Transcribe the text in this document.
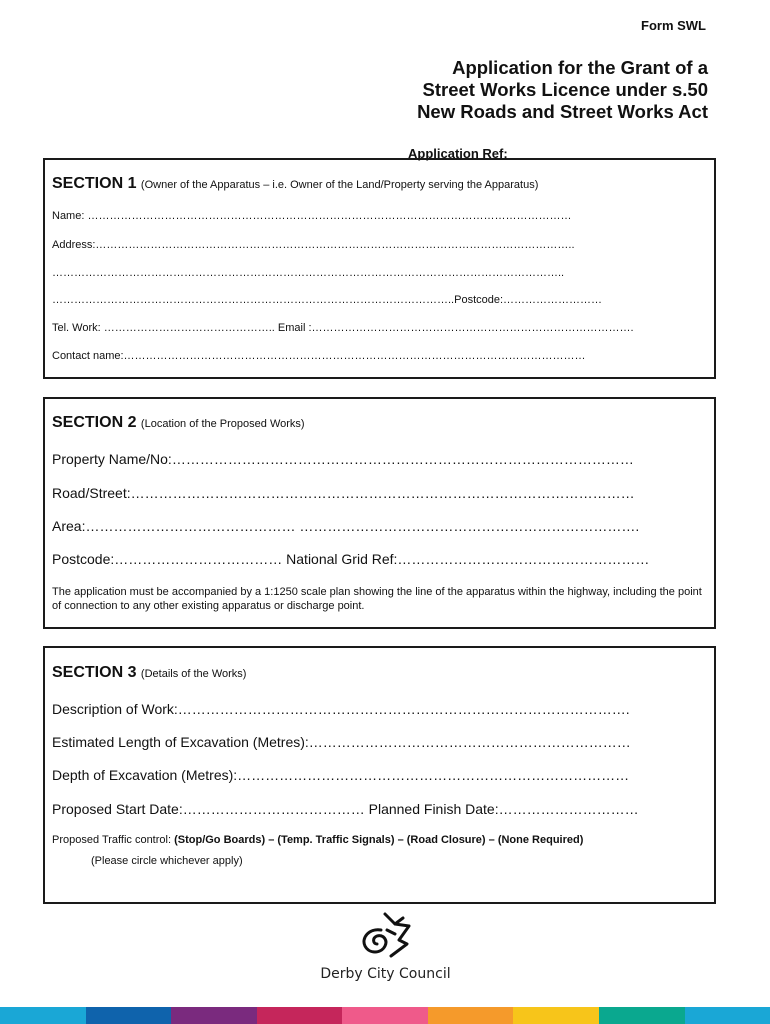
Form SWL
Application for the Grant of a
Street Works Licence under s.50
New Roads and Street Works Act
Application Ref:
SECTION 1 (Owner of the Apparatus – i.e. Owner of the Land/Property serving the Apparatus)
Name: ……………………………………………………………………………………………………………………
Address:…………………………………………………………………………………………………………………..
…………………………………………………………………………………………………………………………..
………………………………………………………………………………………………..Postcode:………………………
Tel. Work: ……………………………………….. Email :…………………………………………………………………………….
Contact name:………………………………………………………………………………………………………………
SECTION 2 (Location of the Proposed Works)
Property Name/No:………………………………………………………………………………………
Road/Street:………………………………………………………………………………………………
Area:……………………………………… ……………………………………………………………….
Postcode:……………………………… National Grid Ref:………………………………………………
The application must be accompanied by a 1:1250 scale plan showing the line of the apparatus within the highway, including the point of connection to any other existing apparatus or discharge point.
SECTION 3 (Details of the Works)
Description of Work:…………………………………………………………………………………….
Estimated Length of Excavation (Metres):……………………………………………………………
Depth of Excavation (Metres):…………………………………………………………………………
Proposed Start Date:………………………………… Planned Finish Date:…………………………
Proposed Traffic control: (Stop/Go Boards) – (Temp. Traffic Signals) – (Road Closure) – (None Required)
(Please circle whichever apply)
Derby City Council
